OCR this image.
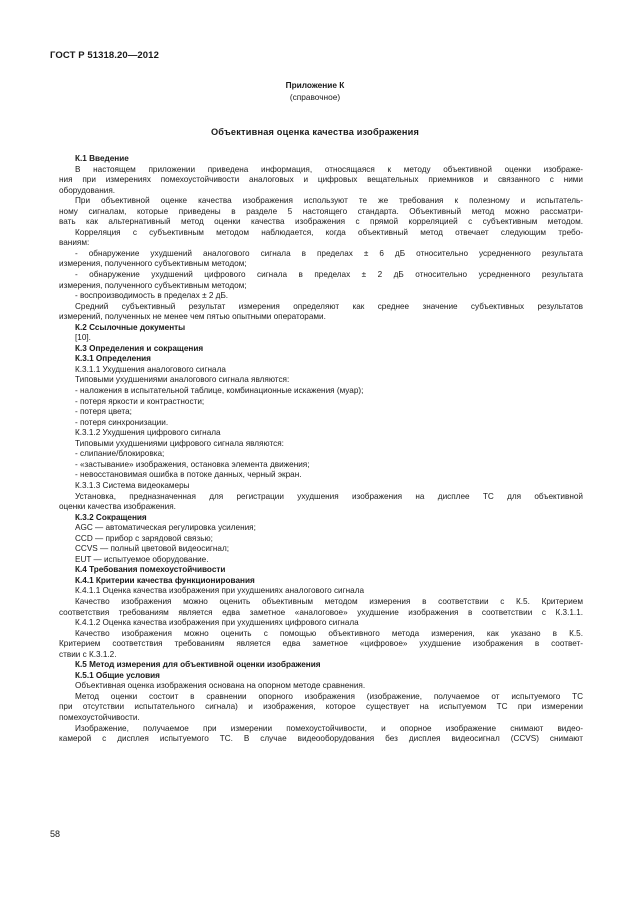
ГОСТ Р 51318.20—2012
Приложение К
(справочное)
Объективная оценка качества изображения
К.1 Введение
В настоящем приложении приведена информация, относящаяся к методу объективной оценки изображе-
ния при измерениях помехоустойчивости аналоговых и цифровых вещательных приемников и связанного с ними
оборудования.
При объективной оценке качества изображения используют те же требования к полезному и испытатель-
ному сигналам, которые приведены в разделе 5 настоящего стандарта. Объективный метод можно рассматри-
вать как альтернативный метод оценки качества изображения с прямой корреляцией с субъективным методом.
Корреляция с субъективным методом наблюдается, когда объективный метод отвечает следующим требо-
ваниям:
- обнаружение ухудшений аналогового сигнала в пределах ± 6 дБ относительно усредненного результата
измерения, полученного субъективным методом;
- обнаружение ухудшений цифрового сигнала в пределах ± 2 дБ относительно усредненного результата
измерения, полученного субъективным методом;
- воспроизводимость в пределах ± 2 дБ.
Средний субъективный результат измерения определяют как среднее значение субъективных результатов
измерений, полученных не менее чем пятью опытными операторами.
К.2 Ссылочные документы
[10].
К.3 Определения и сокращения
К.3.1 Определения
К.3.1.1 Ухудшения аналогового сигнала
Типовыми ухудшениями аналогового сигнала являются:
- наложения в испытательной таблице, комбинационные искажения (муар);
- потеря яркости и контрастности;
- потеря цвета;
- потеря синхронизации.
К.3.1.2 Ухудшения цифрового сигнала
Типовыми ухудшениями цифрового сигнала являются:
- слипание/блокировка;
- «застывание» изображения, остановка элемента движения;
- невосстановимая ошибка в потоке данных, черный экран.
К.3.1.3 Система видеокамеры
Установка, предназначенная для регистрации ухудшения изображения на дисплее ТС для объективной
оценки качества изображения.
К.3.2 Сокращения
AGC — автоматическая регулировка усиления;
CCD — прибор с зарядовой связью;
CCVS — полный цветовой видеосигнал;
EUT — испытуемое оборудование.
К.4 Требования помехоустойчивости
К.4.1 Критерии качества функционирования
К.4.1.1 Оценка качества изображения при ухудшениях аналогового сигнала
Качество изображения можно оценить объективным методом измерения в соответствии с К.5. Критерием
соответствия требованиям является едва заметное «аналоговое» ухудшение изображения в соответствии с К.3.1.1.
К.4.1.2 Оценка качества изображения при ухудшениях цифрового сигнала
Качество изображения можно оценить с помощью объективного метода измерения, как указано в К.5.
Критерием соответствия требованиям является едва заметное «цифровое» ухудшение изображения в соответ-
ствии с К.3.1.2.
К.5 Метод измерения для объективной оценки изображения
К.5.1 Общие условия
Объективная оценка изображения основана на опорном методе сравнения.
Метод оценки состоит в сравнении опорного изображения (изображение, получаемое от испытуемого ТС
при отсутствии испытательного сигнала) и изображения, которое существует на испытуемом ТС при измерении
помехоустойчивости.
Изображение, получаемое при измерении помехоустойчивости, и опорное изображение снимают видео-
камерой с дисплея испытуемого ТС. В случае видеооборудования без дисплея видеосигнал (CCVS) снимают
58
